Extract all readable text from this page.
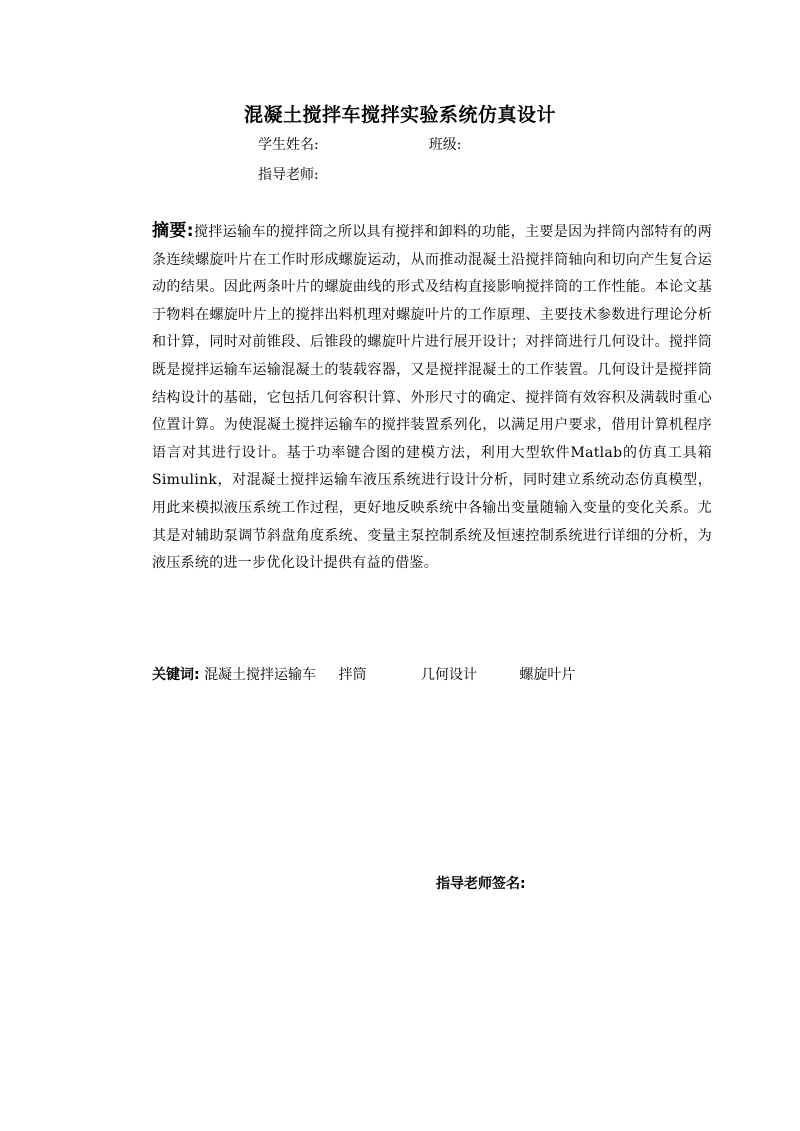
混凝土搅拌车搅拌实验系统仿真设计
学生姓名:	班级:
指导老师:
摘要:搅拌运输车的搅拌筒之所以具有搅拌和卸料的功能，主要是因为拌筒内部特有的两条连续螺旋叶片在工作时形成螺旋运动，从而推动混凝土沿搅拌筒轴向和切向产生复合运动的结果。因此两条叶片的螺旋曲线的形式及结构直接影响搅拌筒的工作性能。本论文基于物料在螺旋叶片上的搅拌出料机理对螺旋叶片的工作原理、主要技术参数进行理论分析和计算，同时对前锥段、后锥段的螺旋叶片进行展开设计；对拌筒进行几何设计。搅拌筒既是搅拌运输车运输混凝土的装载容器，又是搅拌混凝土的工作装置。几何设计是搅拌筒结构设计的基础，它包括几何容积计算、外形尺寸的确定、搅拌筒有效容积及满载时重心位置计算。为使混凝土搅拌运输车的搅拌装置系列化，以满足用户要求，借用计算机程序语言对其进行设计。基于功率键合图的建模方法，利用大型软件Matlab的仿真工具箱Simulink，对混凝土搅拌运输车液压系统进行设计分析，同时建立系统动态仿真模型，用此来模拟液压系统工作过程，更好地反映系统中各输出变量随输入变量的变化关系。尤其是对辅助泵调节斜盘角度系统、变量主泵控制系统及恒速控制系统进行详细的分析，为液压系统的进一步优化设计提供有益的借鉴。
关键词: 混凝土搅拌运输车 拌筒	几何设计	螺旋叶片
指导老师签名:
